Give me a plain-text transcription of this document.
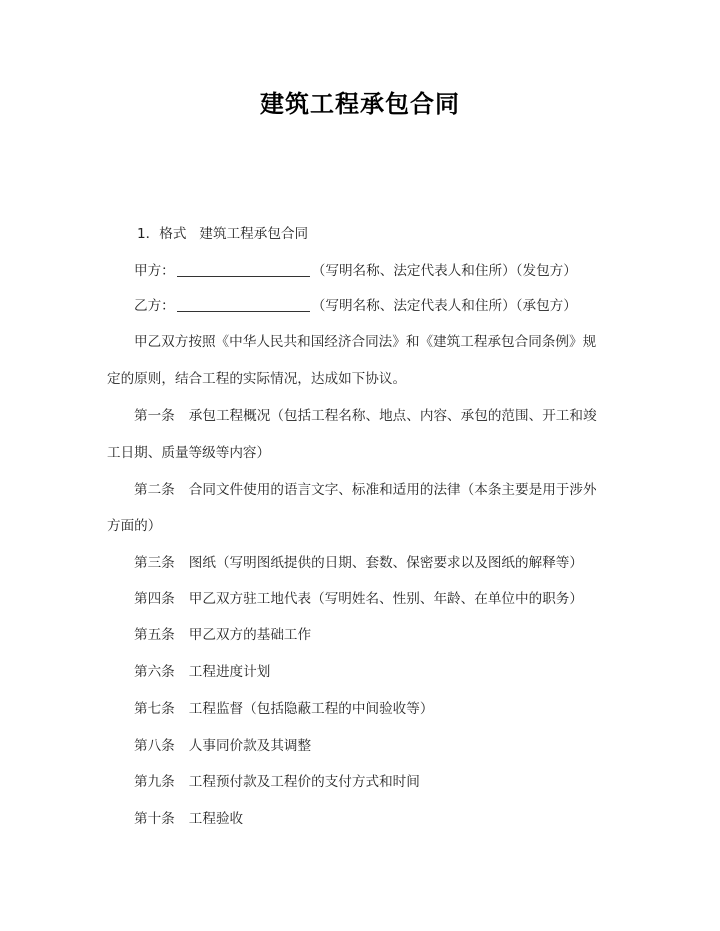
建筑工程承包合同
1．格式 建筑工程承包合同
甲方：	（写明名称、法定代表人和住所）（发包方）
乙方：	（写明名称、法定代表人和住所）（承包方）
甲乙双方按照《中华人民共和国经济合同法》和《建筑工程承包合同条例》规
定的原则，结合工程的实际情况，达成如下协议。
第一条 承包工程概况（包括工程名称、地点、内容、承包的范围、开工和竣
工日期、质量等级等内容）
第二条 合同文件使用的语言文字、标准和适用的法律（本条主要是用于涉外
方面的）
第三条 图纸（写明图纸提供的日期、套数、保密要求以及图纸的解释等）
第四条 甲乙双方驻工地代表（写明姓名、性别、年龄、在单位中的职务）
第五条 甲乙双方的基础工作
第六条 工程进度计划
第七条 工程监督（包括隐蔽工程的中间验收等）
第八条 人事同价款及其调整
第九条 工程预付款及工程价的支付方式和时间
第十条 工程验收
